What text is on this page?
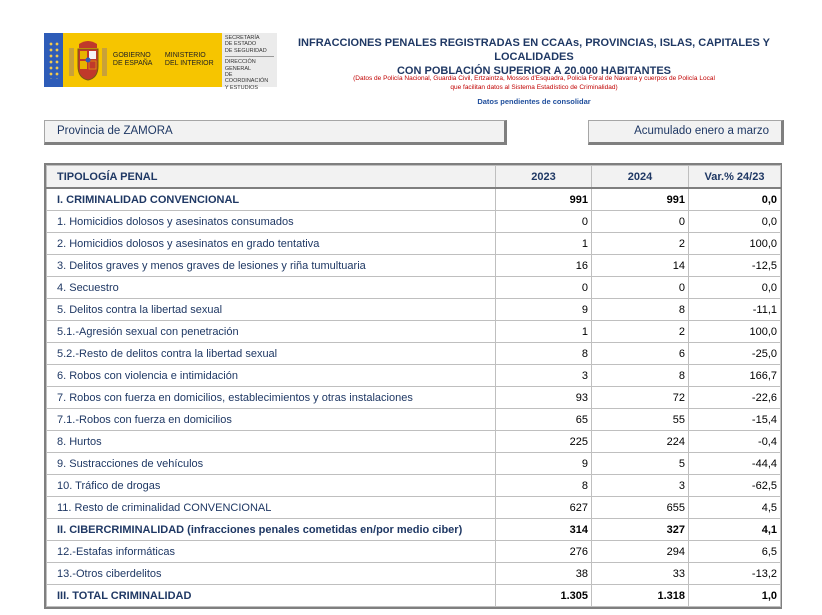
GOBIERNO
DE ESPAÑA
MINISTERIO
DEL INTERIOR
SECRETARÍA
DE ESTADO
DE SEGURIDAD
DIRECCIÓN GENERAL
DE COORDINACIÓN
Y ESTUDIOS
INFRACCIONES PENALES REGISTRADAS EN CCAAs, PROVINCIAS, ISLAS, CAPITALES Y LOCALIDADES
CON POBLACIÓN SUPERIOR A 20.000 HABITANTES
(Datos de Policía Nacional, Guardia Civil, Ertzaintza, Mossos d'Esquadra, Policía Foral de Navarra y cuerpos de Policía Local
que facilitan datos al Sistema Estadístico de Criminalidad)
Datos pendientes de consolidar
Provincia de ZAMORA	Acumulado enero a marzo
TIPOLOGÍA PENAL	2023	2024	Var.% 24/23
I. CRIMINALIDAD CONVENCIONAL	991	991	0,0
1. Homicidios dolosos y asesinatos consumados	0	0	0,0
2. Homicidios dolosos y asesinatos en grado tentativa	1	2	100,0
3. Delitos graves y menos graves de lesiones y riña tumultuaria	16	14	-12,5
4. Secuestro	0	0	0,0
5. Delitos contra la libertad sexual	9	8	-11,1
5.1.-Agresión sexual con penetración	1	2	100,0
5.2.-Resto de delitos contra la libertad sexual	8	6	-25,0
6. Robos con violencia e intimidación	3	8	166,7
7. Robos con fuerza en domicilios, establecimientos y otras instalaciones	93	72	-22,6
7.1.-Robos con fuerza en domicilios	65	55	-15,4
8. Hurtos	225	224	-0,4
9. Sustracciones de vehículos	9	5	-44,4
10. Tráfico de drogas	8	3	-62,5
11. Resto de criminalidad CONVENCIONAL	627	655	4,5
II. CIBERCRIMINALIDAD (infracciones penales cometidas en/por medio ciber)	314	327	4,1
12.-Estafas informáticas	276	294	6,5
13.-Otros ciberdelitos	38	33	-13,2
III. TOTAL CRIMINALIDAD	1.305	1.318	1,0
